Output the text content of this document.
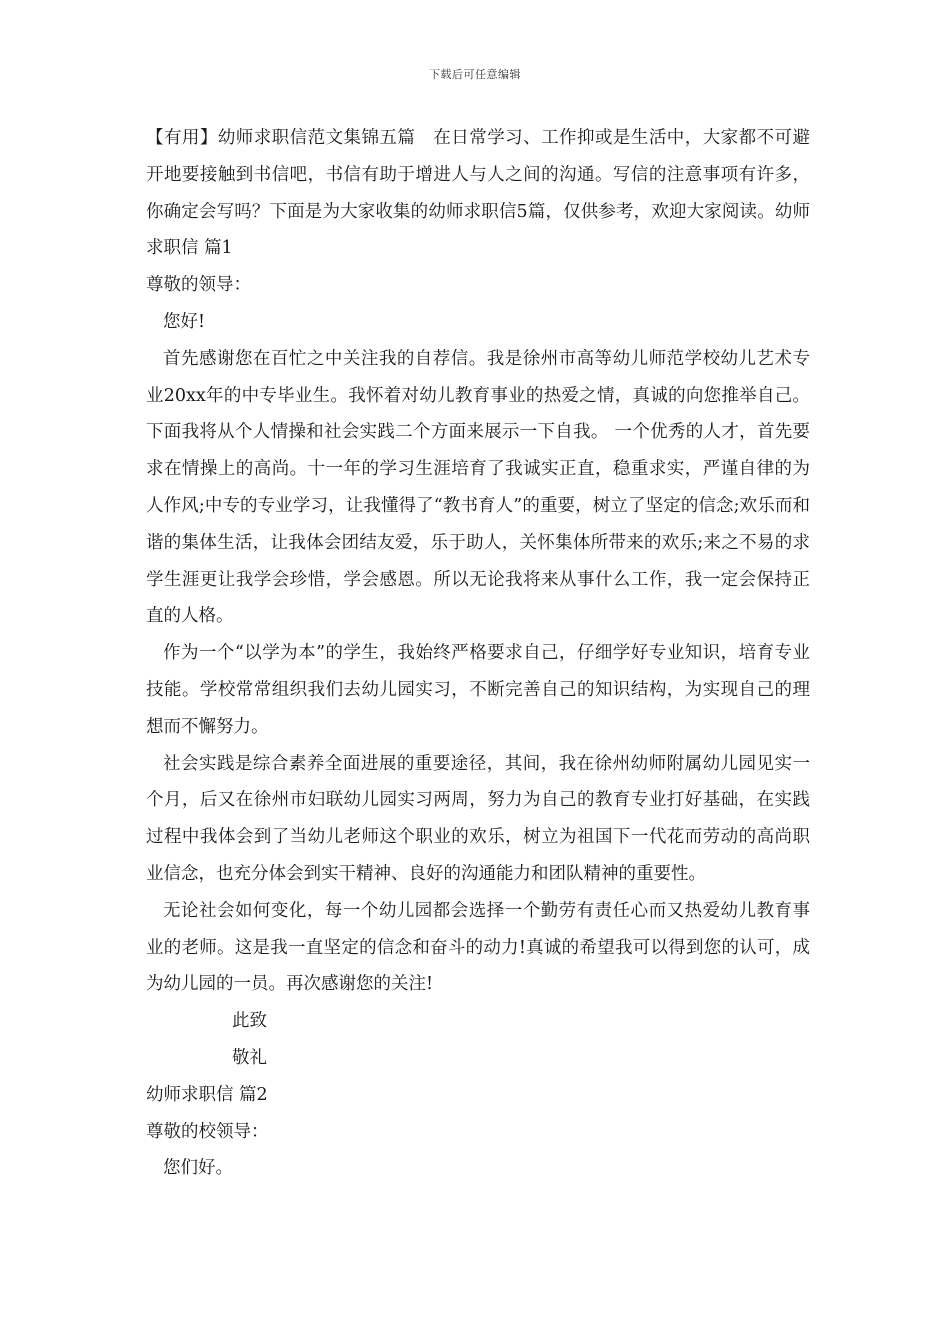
下载后可任意编辑

【有用】幼师求职信范文集锦五篇　在日常学习、工作抑或是生活中，大家都不可避开地要接触到书信吧，书信有助于增进人与人之间的沟通。写信的注意事项有许多，你确定会写吗？下面是为大家收集的幼师求职信5篇，仅供参考，欢迎大家阅读。幼师求职信 篇1

尊敬的领导：

您好!

首先感谢您在百忙之中关注我的自荐信。我是徐州市高等幼儿师范学校幼儿艺术专业20xx年的中专毕业生。我怀着对幼儿教育事业的热爱之情，真诚的向您推举自己。下面我将从个人情操和社会实践二个方面来展示一下自我。 一个优秀的人才，首先要求在情操上的高尚。十一年的学习生涯培育了我诚实正直，稳重求实，严谨自律的为人作风;中专的专业学习，让我懂得了“教书育人”的重要，树立了坚定的信念;欢乐而和谐的集体生活，让我体会团结友爱，乐于助人，关怀集体所带来的欢乐;来之不易的求学生涯更让我学会珍惜，学会感恩。所以无论我将来从事什么工作，我一定会保持正直的人格。

作为一个“以学为本”的学生，我始终严格要求自己，仔细学好专业知识，培育专业技能。学校常常组织我们去幼儿园实习，不断完善自己的知识结构，为实现自己的理想而不懈努力。

社会实践是综合素养全面进展的重要途径，其间，我在徐州幼师附属幼儿园见实一个月，后又在徐州市妇联幼儿园实习两周，努力为自己的教育专业打好基础，在实践过程中我体会到了当幼儿老师这个职业的欢乐，树立为祖国下一代花而劳动的高尚职业信念，也充分体会到实干精神、良好的沟通能力和团队精神的重要性。

无论社会如何变化，每一个幼儿园都会选择一个勤劳有责任心而又热爱幼儿教育事业的老师。这是我一直坚定的信念和奋斗的动力!真诚的希望我可以得到您的认可，成为幼儿园的一员。再次感谢您的关注!

此致

敬礼

幼师求职信 篇2

尊敬的校领导：

您们好。
